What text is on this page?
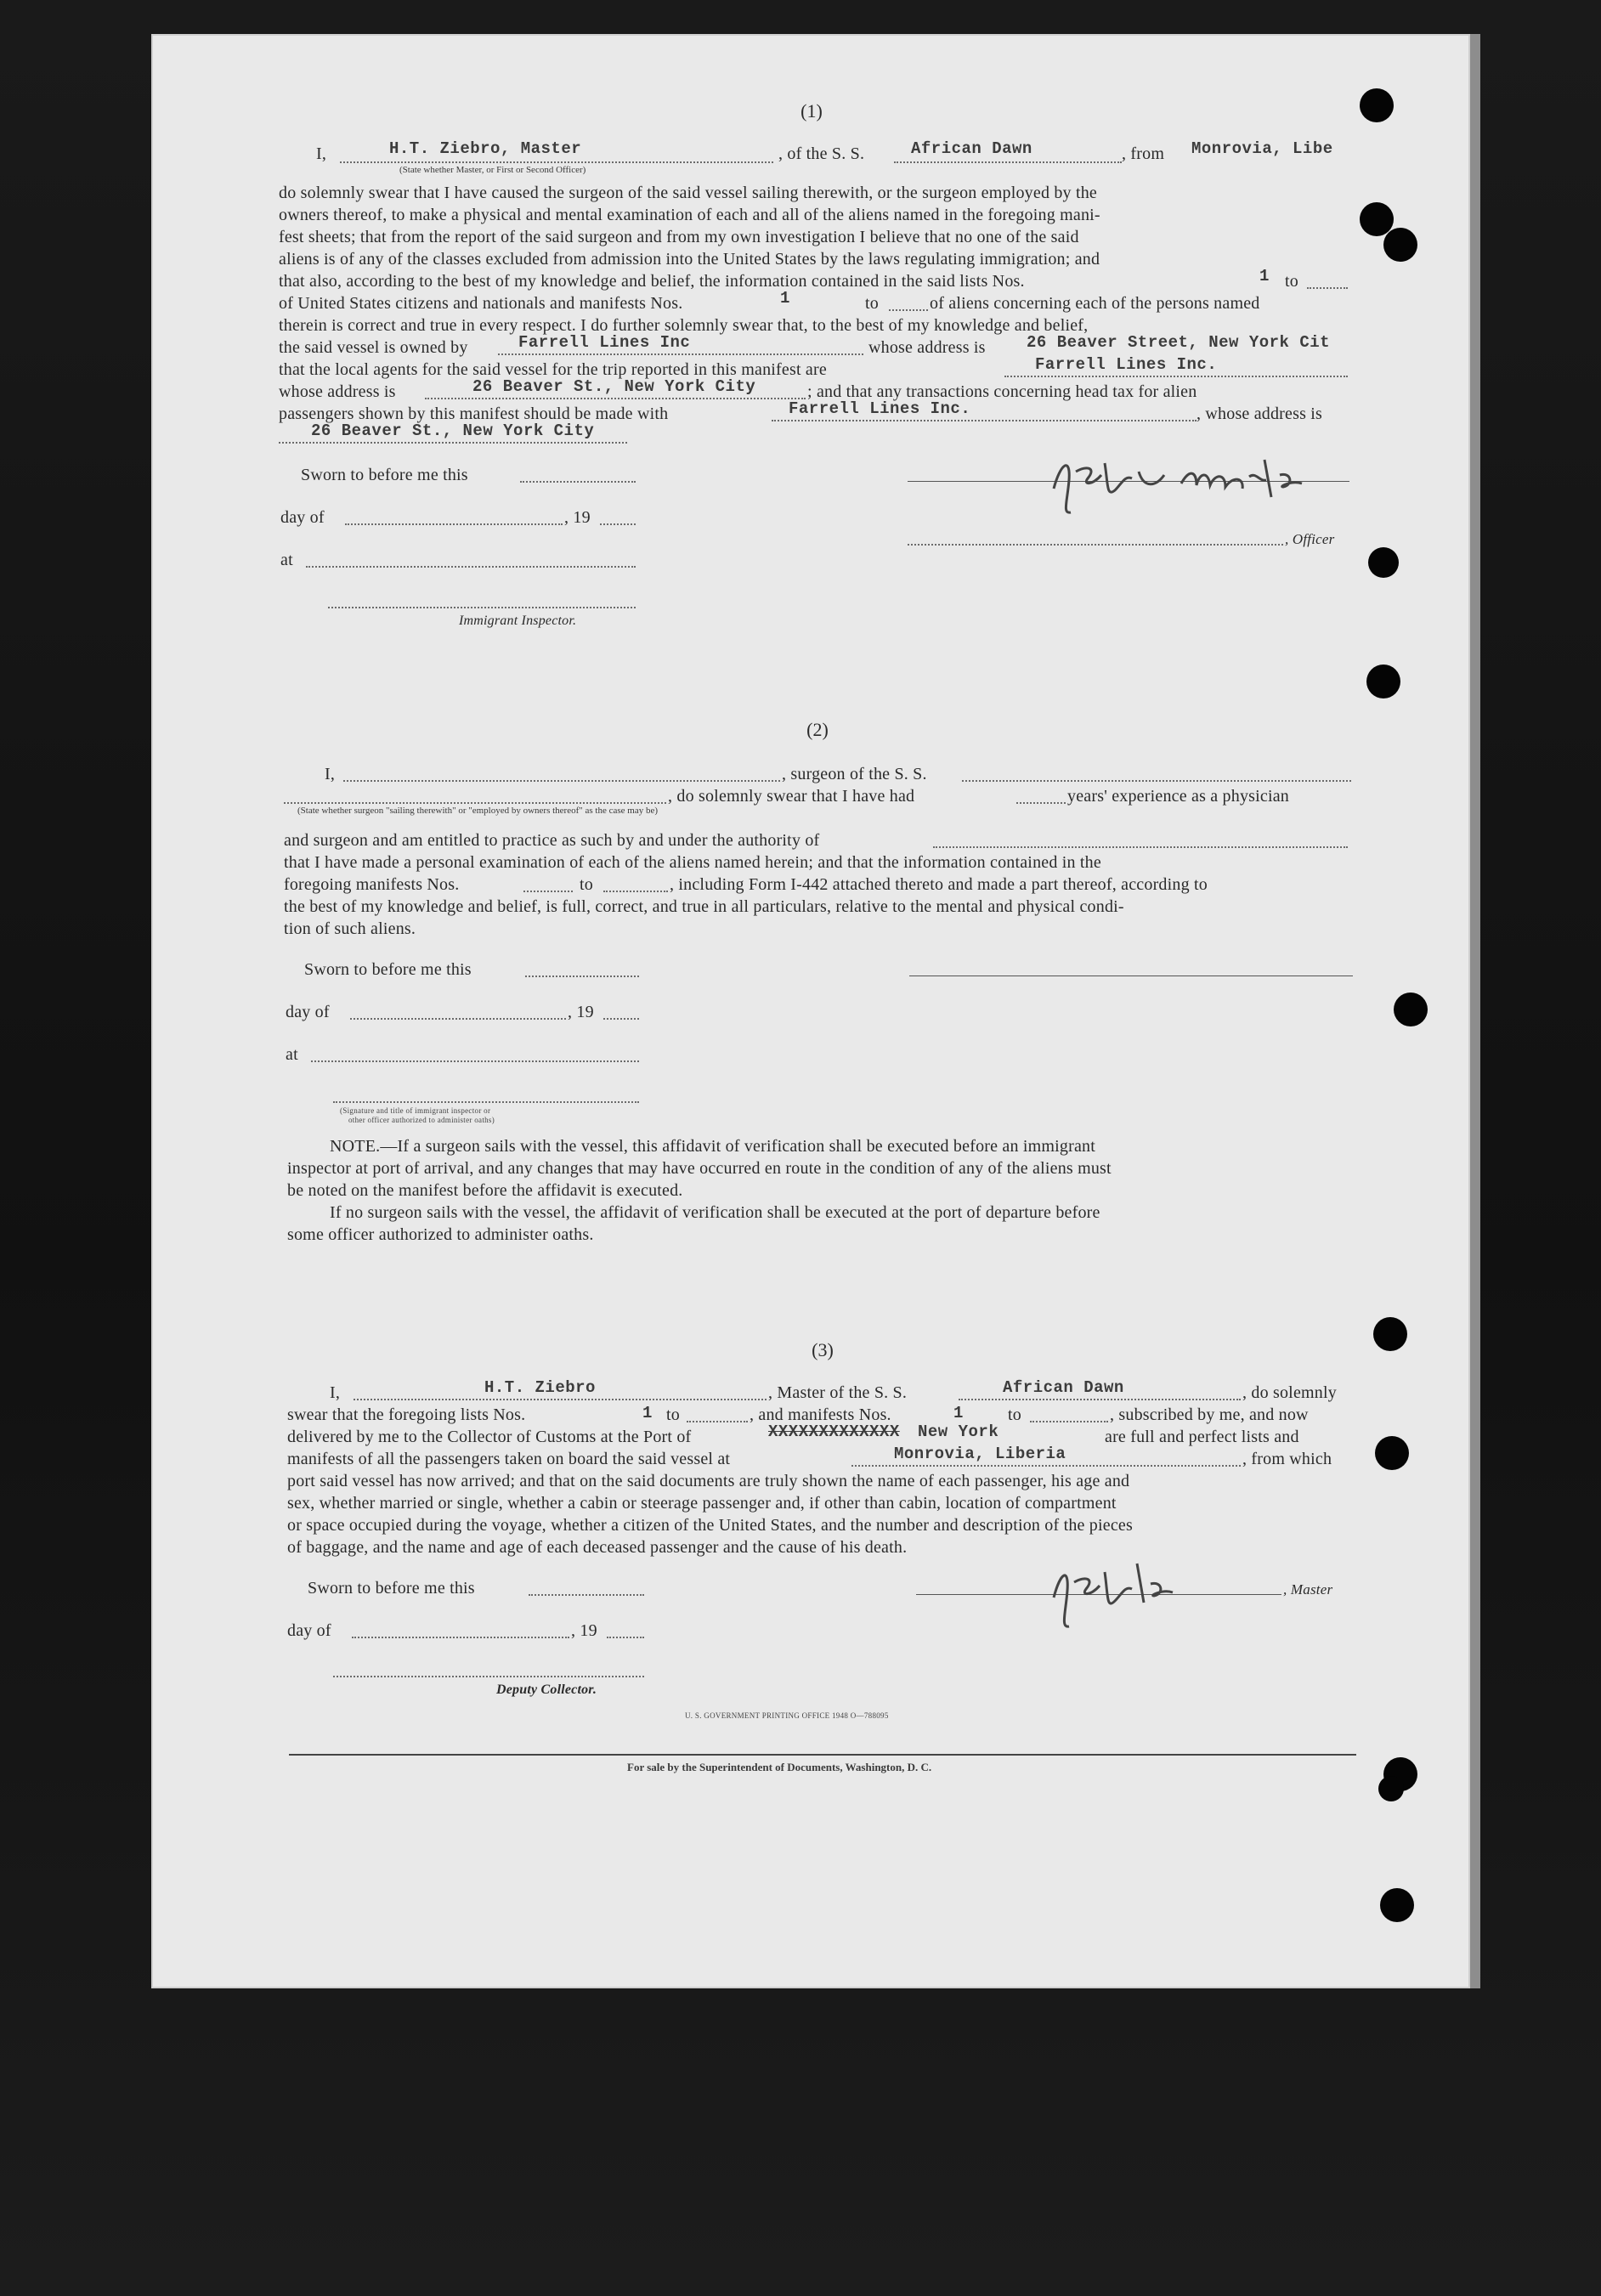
(1)
I,	H.T. Ziebro, Master
(State whether Master, or First or Second Officer)
, of the S. S.	African Dawn	, from Monrovia, Libe
do solemnly swear that I have caused the surgeon of the said vessel sailing therewith, or the surgeon employed by the
owners thereof, to make a physical and mental examination of each and all of the aliens named in the foregoing mani-
fest sheets; that from the report of the said surgeon and from my own investigation I believe that no one of the said
aliens is of any of the classes excluded from admission into the United States by the laws regulating immigration; and
that also, according to the best of my knowledge and belief, the information contained in the said lists Nos.	1 to
of United States citizens and nationals and manifests Nos.	1	to	of aliens concerning each of the persons named
therein is correct and true in every respect. I do further solemnly swear that, to the best of my knowledge and belief,
the said vessel is owned by	Farrell Lines Inc	whose address is	26 Beaver Street, New York Cit
that the local agents for the said vessel for the trip reported in this manifest are	Farrell Lines Inc.
whose address is	26 Beaver St., New York City	; and that any transactions concerning head tax for alien
passengers shown by this manifest should be made with	Farrell Lines Inc.	, whose address is
26 Beaver St., New York City
Sworn to before me this
day of	, 19
at
Immigrant Inspector.
, Officer
(2)
I,	, surgeon of the S. S.
, do solemnly swear that I have had	years' experience as a physician
(State whether surgeon "sailing therewith" or "employed by owners thereof" as the case may be)
and surgeon and am entitled to practice as such by and under the authority of
that I have made a personal examination of each of the aliens named herein; and that the information contained in the
foregoing manifests Nos.	to	, including Form I-442 attached thereto and made a part thereof, according to
the best of my knowledge and belief, is full, correct, and true in all particulars, relative to the mental and physical condi-
tion of such aliens.
Sworn to before me this
day of	, 19
at
(Signature and title of immigrant inspector or
other officer authorized to administer oaths)
NOTE.—If a surgeon sails with the vessel, this affidavit of verification shall be executed before an immigrant
inspector at port of arrival, and any changes that may have occurred en route in the condition of any of the aliens must
be noted on the manifest before the affidavit is executed.
If no surgeon sails with the vessel, the affidavit of verification shall be executed at the port of departure before
some officer authorized to administer oaths.
(3)
I,	H.T. Ziebro	, Master of the S. S.	African Dawn	, do solemnly
swear that the foregoing lists Nos.	1 to	, and manifests Nos.	1	to	, subscribed by me, and now
delivered by me to the Collector of Customs at the Port of	XXXXXXXXXXXXX New York	are full and perfect lists and
manifests of all the passengers taken on board the said vessel at	Monrovia, Liberia	, from which
port said vessel has now arrived; and that on the said documents are truly shown the name of each passenger, his age and
sex, whether married or single, whether a cabin or steerage passenger and, if other than cabin, location of compartment
or space occupied during the voyage, whether a citizen of the United States, and the number and description of the pieces
of baggage, and the name and age of each deceased passenger and the cause of his death.
Sworn to before me this	, Master
day of	, 19
Deputy Collector.
U. S. GOVERNMENT PRINTING OFFICE 1948 O—788095
For sale by the Superintendent of Documents, Washington, D. C.
